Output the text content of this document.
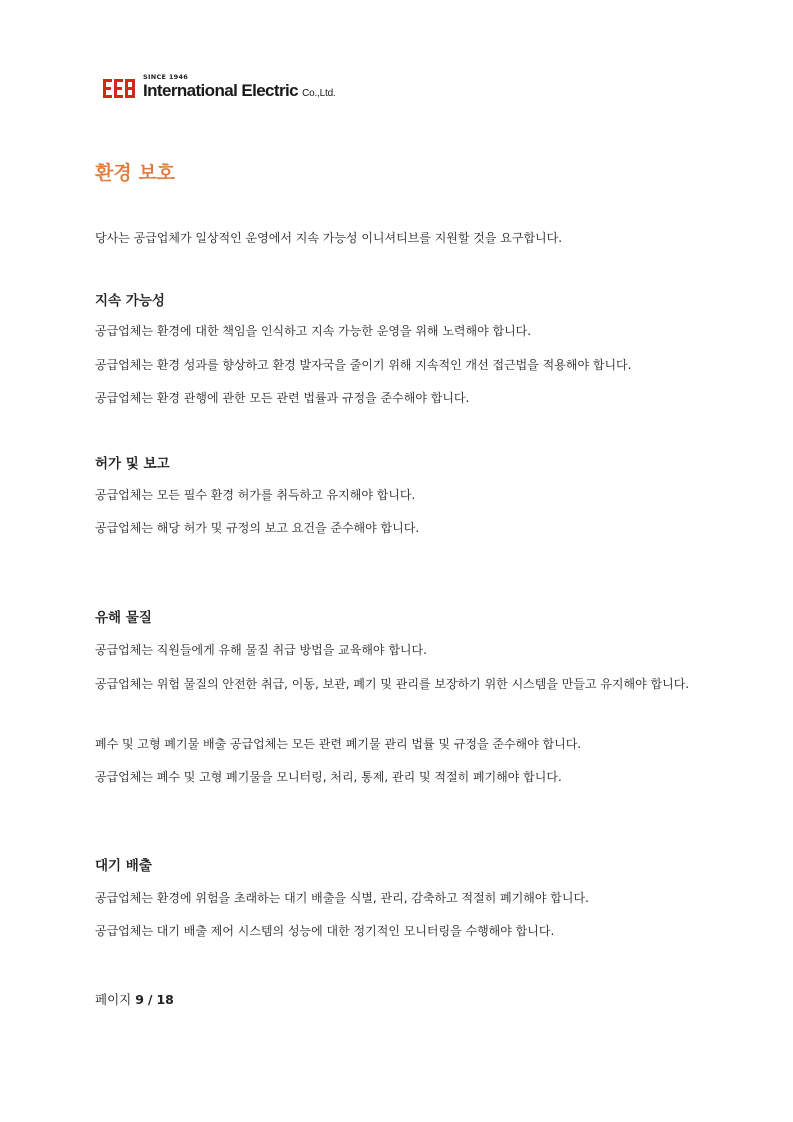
SINCE 1946
International Electric Co.,Ltd.
환경 보호

당사는 공급업체가 일상적인 운영에서 지속 가능성 이니셔티브를 지원할 것을 요구합니다.

지속 가능성

공급업체는 환경에 대한 책임을 인식하고 지속 가능한 운영을 위해 노력해야 합니다.

공급업체는 환경 성과를 향상하고 환경 발자국을 줄이기 위해 지속적인 개선 접근법을 적용해야 합니다.

공급업체는 환경 관행에 관한 모든 관련 법률과 규정을 준수해야 합니다.

허가 및 보고

공급업체는 모든 필수 환경 허가를 취득하고 유지해야 합니다.

공급업체는 해당 허가 및 규정의 보고 요건을 준수해야 합니다.

유해 물질

공급업체는 직원들에게 유해 물질 취급 방법을 교육해야 합니다.

공급업체는 위험 물질의 안전한 취급, 이동, 보관, 폐기 및 관리를 보장하기 위한 시스템을 만들고 유지해야 합니다.

폐수 및 고형 폐기물 배출 공급업체는 모든 관련 폐기물 관리 법률 및 규정을 준수해야 합니다.

공급업체는 폐수 및 고형 폐기물을 모니터링, 처리, 통제, 관리 및 적절히 폐기해야 합니다.

대기 배출

공급업체는 환경에 위험을 초래하는 대기 배출을 식별, 관리, 감축하고 적절히 폐기해야 합니다.

공급업체는 대기 배출 제어 시스템의 성능에 대한 정기적인 모니터링을 수행해야 합니다.

페이지 9 / 18
